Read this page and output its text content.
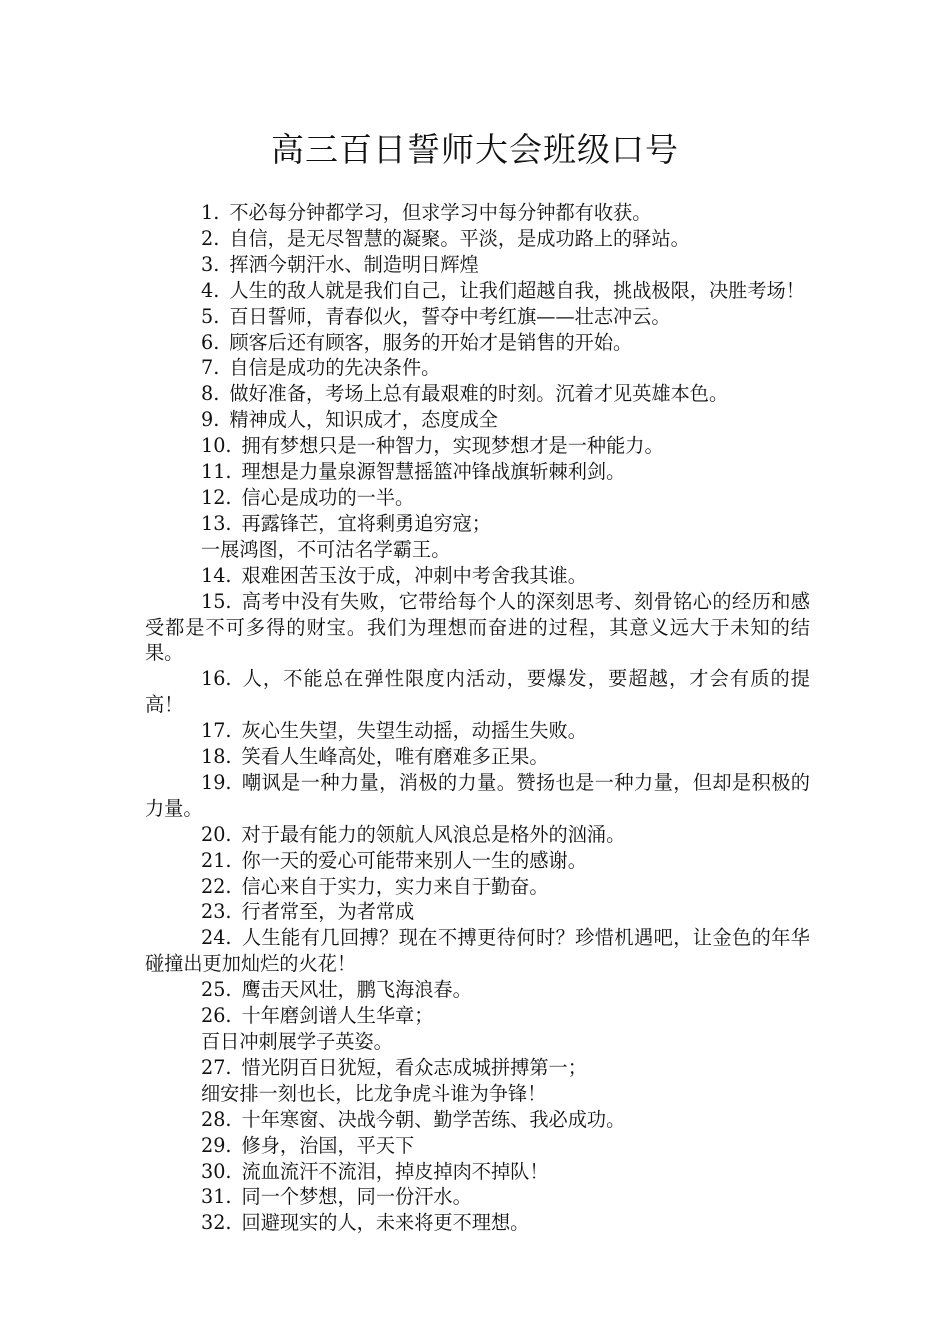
高三百日誓师大会班级口号

1. 不必每分钟都学习，但求学习中每分钟都有收获。

2. 自信，是无尽智慧的凝聚。平淡，是成功路上的驿站。

3. 挥洒今朝汗水、制造明日辉煌

4. 人生的敌人就是我们自己，让我们超越自我，挑战极限，决胜考场！

5. 百日誓师，青春似火，誓夺中考红旗——壮志冲云。

6. 顾客后还有顾客，服务的开始才是销售的开始。

7. 自信是成功的先决条件。

8. 做好准备，考场上总有最艰难的时刻。沉着才见英雄本色。

9. 精神成人，知识成才，态度成全

10. 拥有梦想只是一种智力，实现梦想才是一种能力。

11. 理想是力量泉源智慧摇篮冲锋战旗斩棘利剑。

12. 信心是成功的一半。

13. 再露锋芒，宜将剩勇追穷寇；

一展鸿图，不可沽名学霸王。

14. 艰难困苦玉汝于成，冲刺中考舍我其谁。

15. 高考中没有失败，它带给每个人的深刻思考、刻骨铭心的经历和感受都是不可多得的财宝。我们为理想而奋进的过程，其意义远大于未知的结果。

16. 人，不能总在弹性限度内活动，要爆发，要超越，才会有质的提高！

17. 灰心生失望，失望生动摇，动摇生失败。

18. 笑看人生峰高处，唯有磨难多正果。

19. 嘲讽是一种力量，消极的力量。赞扬也是一种力量，但却是积极的力量。

20. 对于最有能力的领航人风浪总是格外的汹涌。

21. 你一天的爱心可能带来别人一生的感谢。

22. 信心来自于实力，实力来自于勤奋。

23. 行者常至，为者常成

24. 人生能有几回搏？现在不搏更待何时？珍惜机遇吧，让金色的年华碰撞出更加灿烂的火花！

25. 鹰击天风壮，鹏飞海浪春。

26. 十年磨剑谱人生华章；

百日冲刺展学子英姿。

27. 惜光阴百日犹短，看众志成城拼搏第一；

细安排一刻也长，比龙争虎斗谁为争锋！

28. 十年寒窗、决战今朝、勤学苦练、我必成功。

29. 修身，治国，平天下

30. 流血流汗不流泪，掉皮掉肉不掉队！

31. 同一个梦想，同一份汗水。

32. 回避现实的人，未来将更不理想。
